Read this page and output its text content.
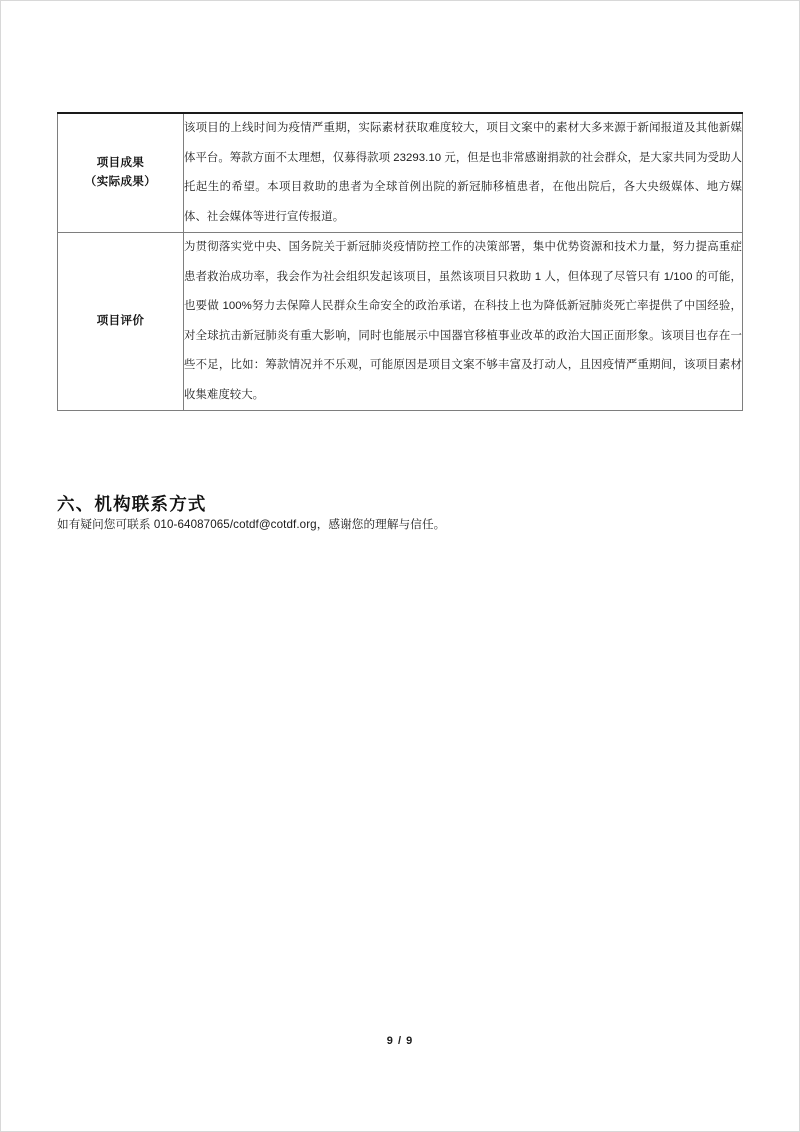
项目成果
（实际成果）	该项目的上线时间为疫情严重期，实际素材获取难度较大，项目文案中的素材大多来源于新闻报道及其他新媒体平台。筹款方面不太理想，仅募得款项 23293.10 元，但是也非常感谢捐款的社会群众，是大家共同为受助人托起生的希望。本项目救助的患者为全球首例出院的新冠肺移植患者，在他出院后，各大央级媒体、地方媒体、社会媒体等进行宣传报道。

项目评价	为贯彻落实党中央、国务院关于新冠肺炎疫情防控工作的决策部署，集中优势资源和技术力量，努力提高重症患者救治成功率，我会作为社会组织发起该项目，虽然该项目只救助 1 人，但体现了尽管只有 1/100 的可能，也要做 100%努力去保障人民群众生命安全的政治承诺，在科技上也为降低新冠肺炎死亡率提供了中国经验，对全球抗击新冠肺炎有重大影响，同时也能展示中国器官移植事业改革的政治大国正面形象。该项目也存在一些不足，比如：筹款情况并不乐观，可能原因是项目文案不够丰富及打动人，且因疫情严重期间，该项目素材收集难度较大。

六、机构联系方式
如有疑问您可联系 010-64087065/cotdf@cotdf.org，感谢您的理解与信任。
9 / 9
